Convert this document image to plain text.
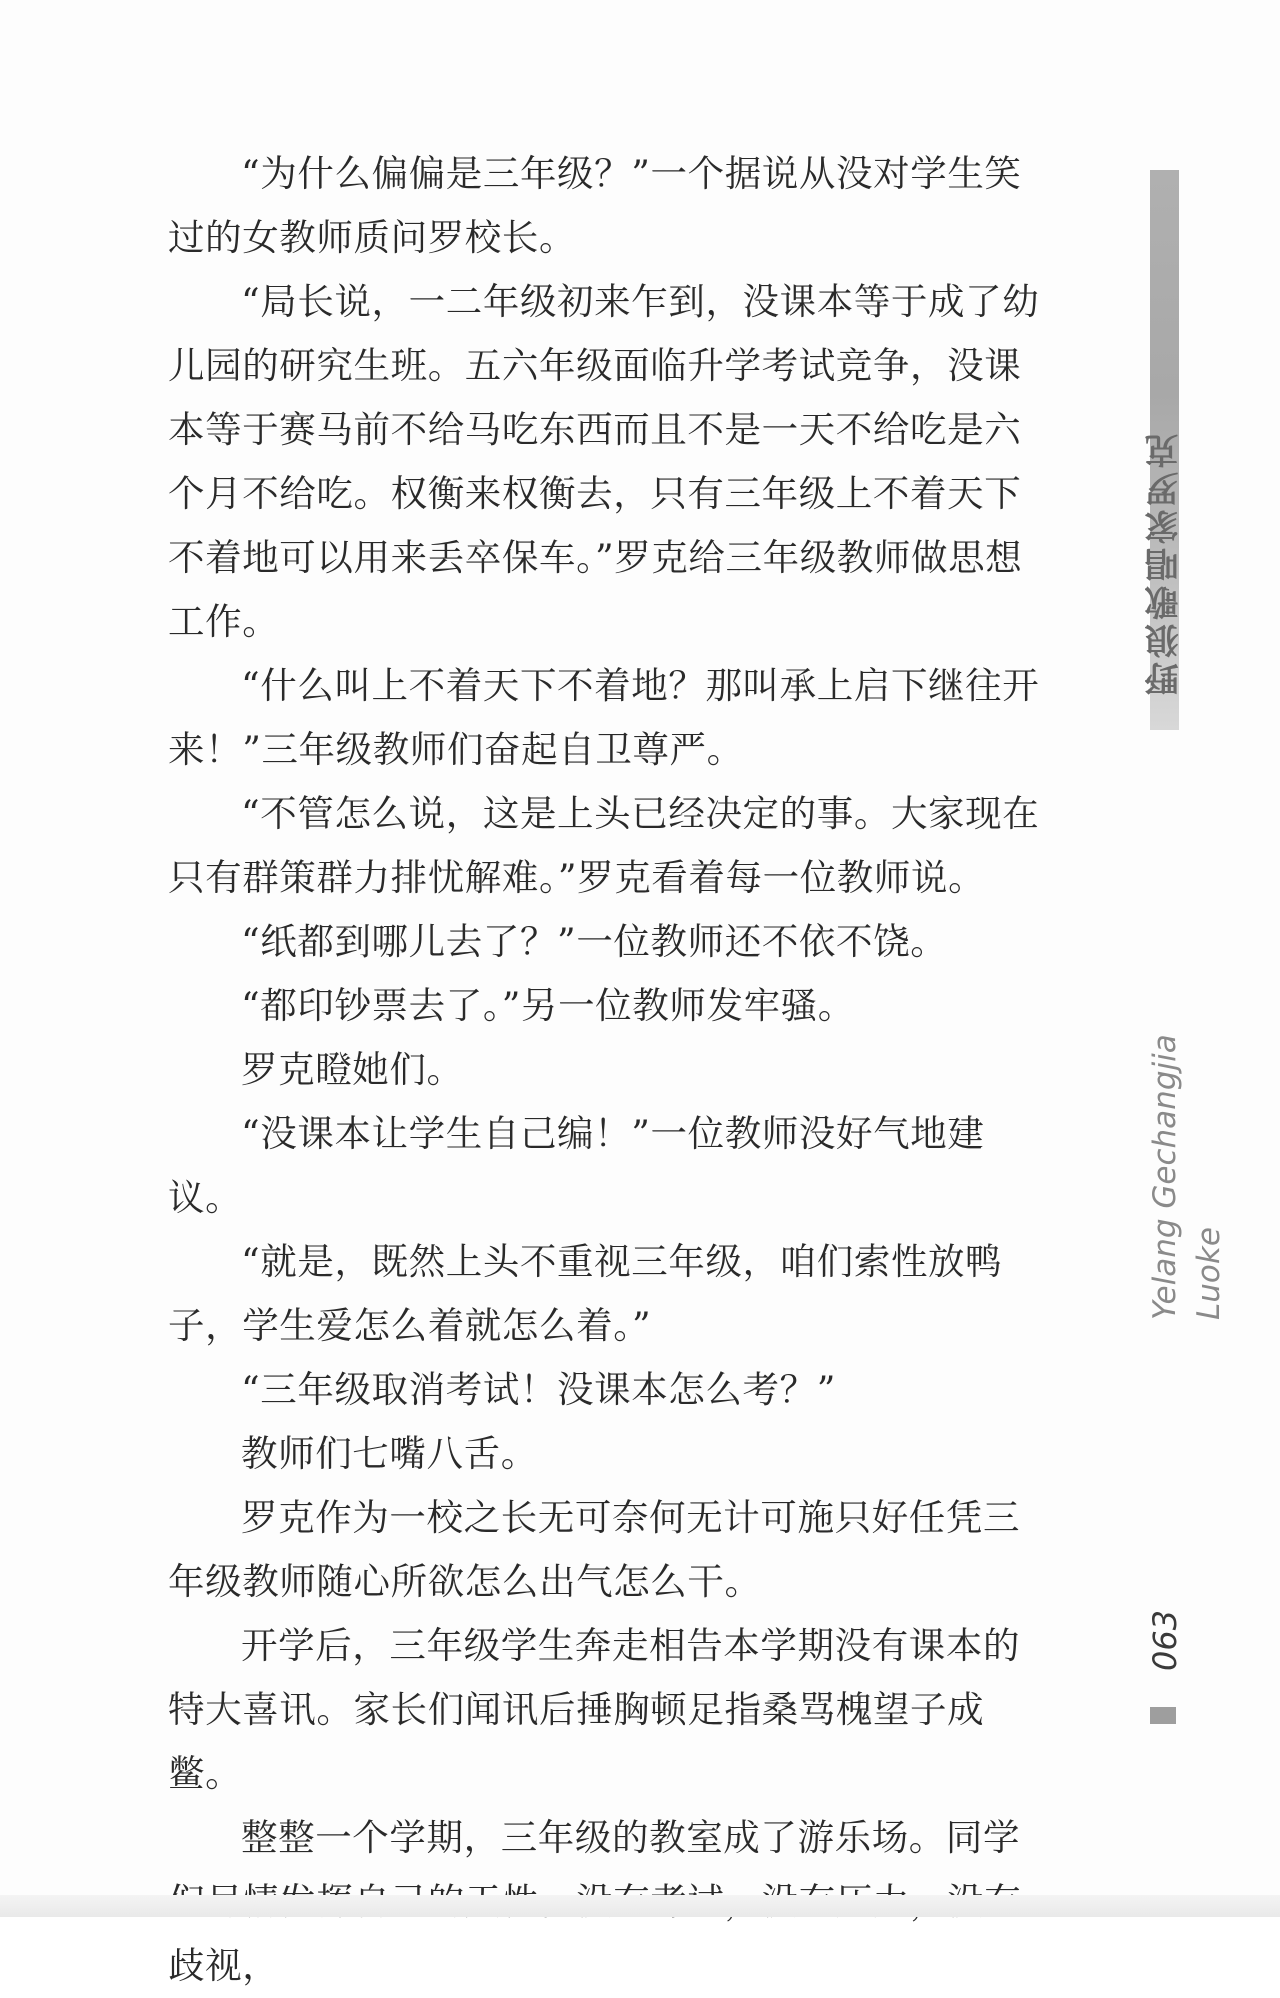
“为什么偏偏是三年级？”一个据说从没对学生笑过的女教师质问罗校长。

“局长说，一二年级初来乍到，没课本等于成了幼儿园的研究生班。五六年级面临升学考试竞争，没课本等于赛马前不给马吃东西而且不是一天不给吃是六个月不给吃。权衡来权衡去，只有三年级上不着天下不着地可以用来丢卒保车。”罗克给三年级教师做思想工作。

“什么叫上不着天下不着地？那叫承上启下继往开来！”三年级教师们奋起自卫尊严。

“不管怎么说，这是上头已经决定的事。大家现在只有群策群力排忧解难。”罗克看着每一位教师说。

“纸都到哪儿去了？”一位教师还不依不饶。

“都印钞票去了。”另一位教师发牢骚。

罗克瞪她们。

“没课本让学生自己编！”一位教师没好气地建议。

“就是，既然上头不重视三年级，咱们索性放鸭子，学生爱怎么着就怎么着。”

“三年级取消考试！没课本怎么考？”

教师们七嘴八舌。

罗克作为一校之长无可奈何无计可施只好任凭三年级教师随心所欲怎么出气怎么干。

开学后，三年级学生奔走相告本学期没有课本的特大喜讯。家长们闻讯后捶胸顿足指桑骂槐望子成鳖。

整整一个学期，三年级的教室成了游乐场。同学 歧视，

野狼歌唱家罗克
Yelang Gechangjia Luoke
063
